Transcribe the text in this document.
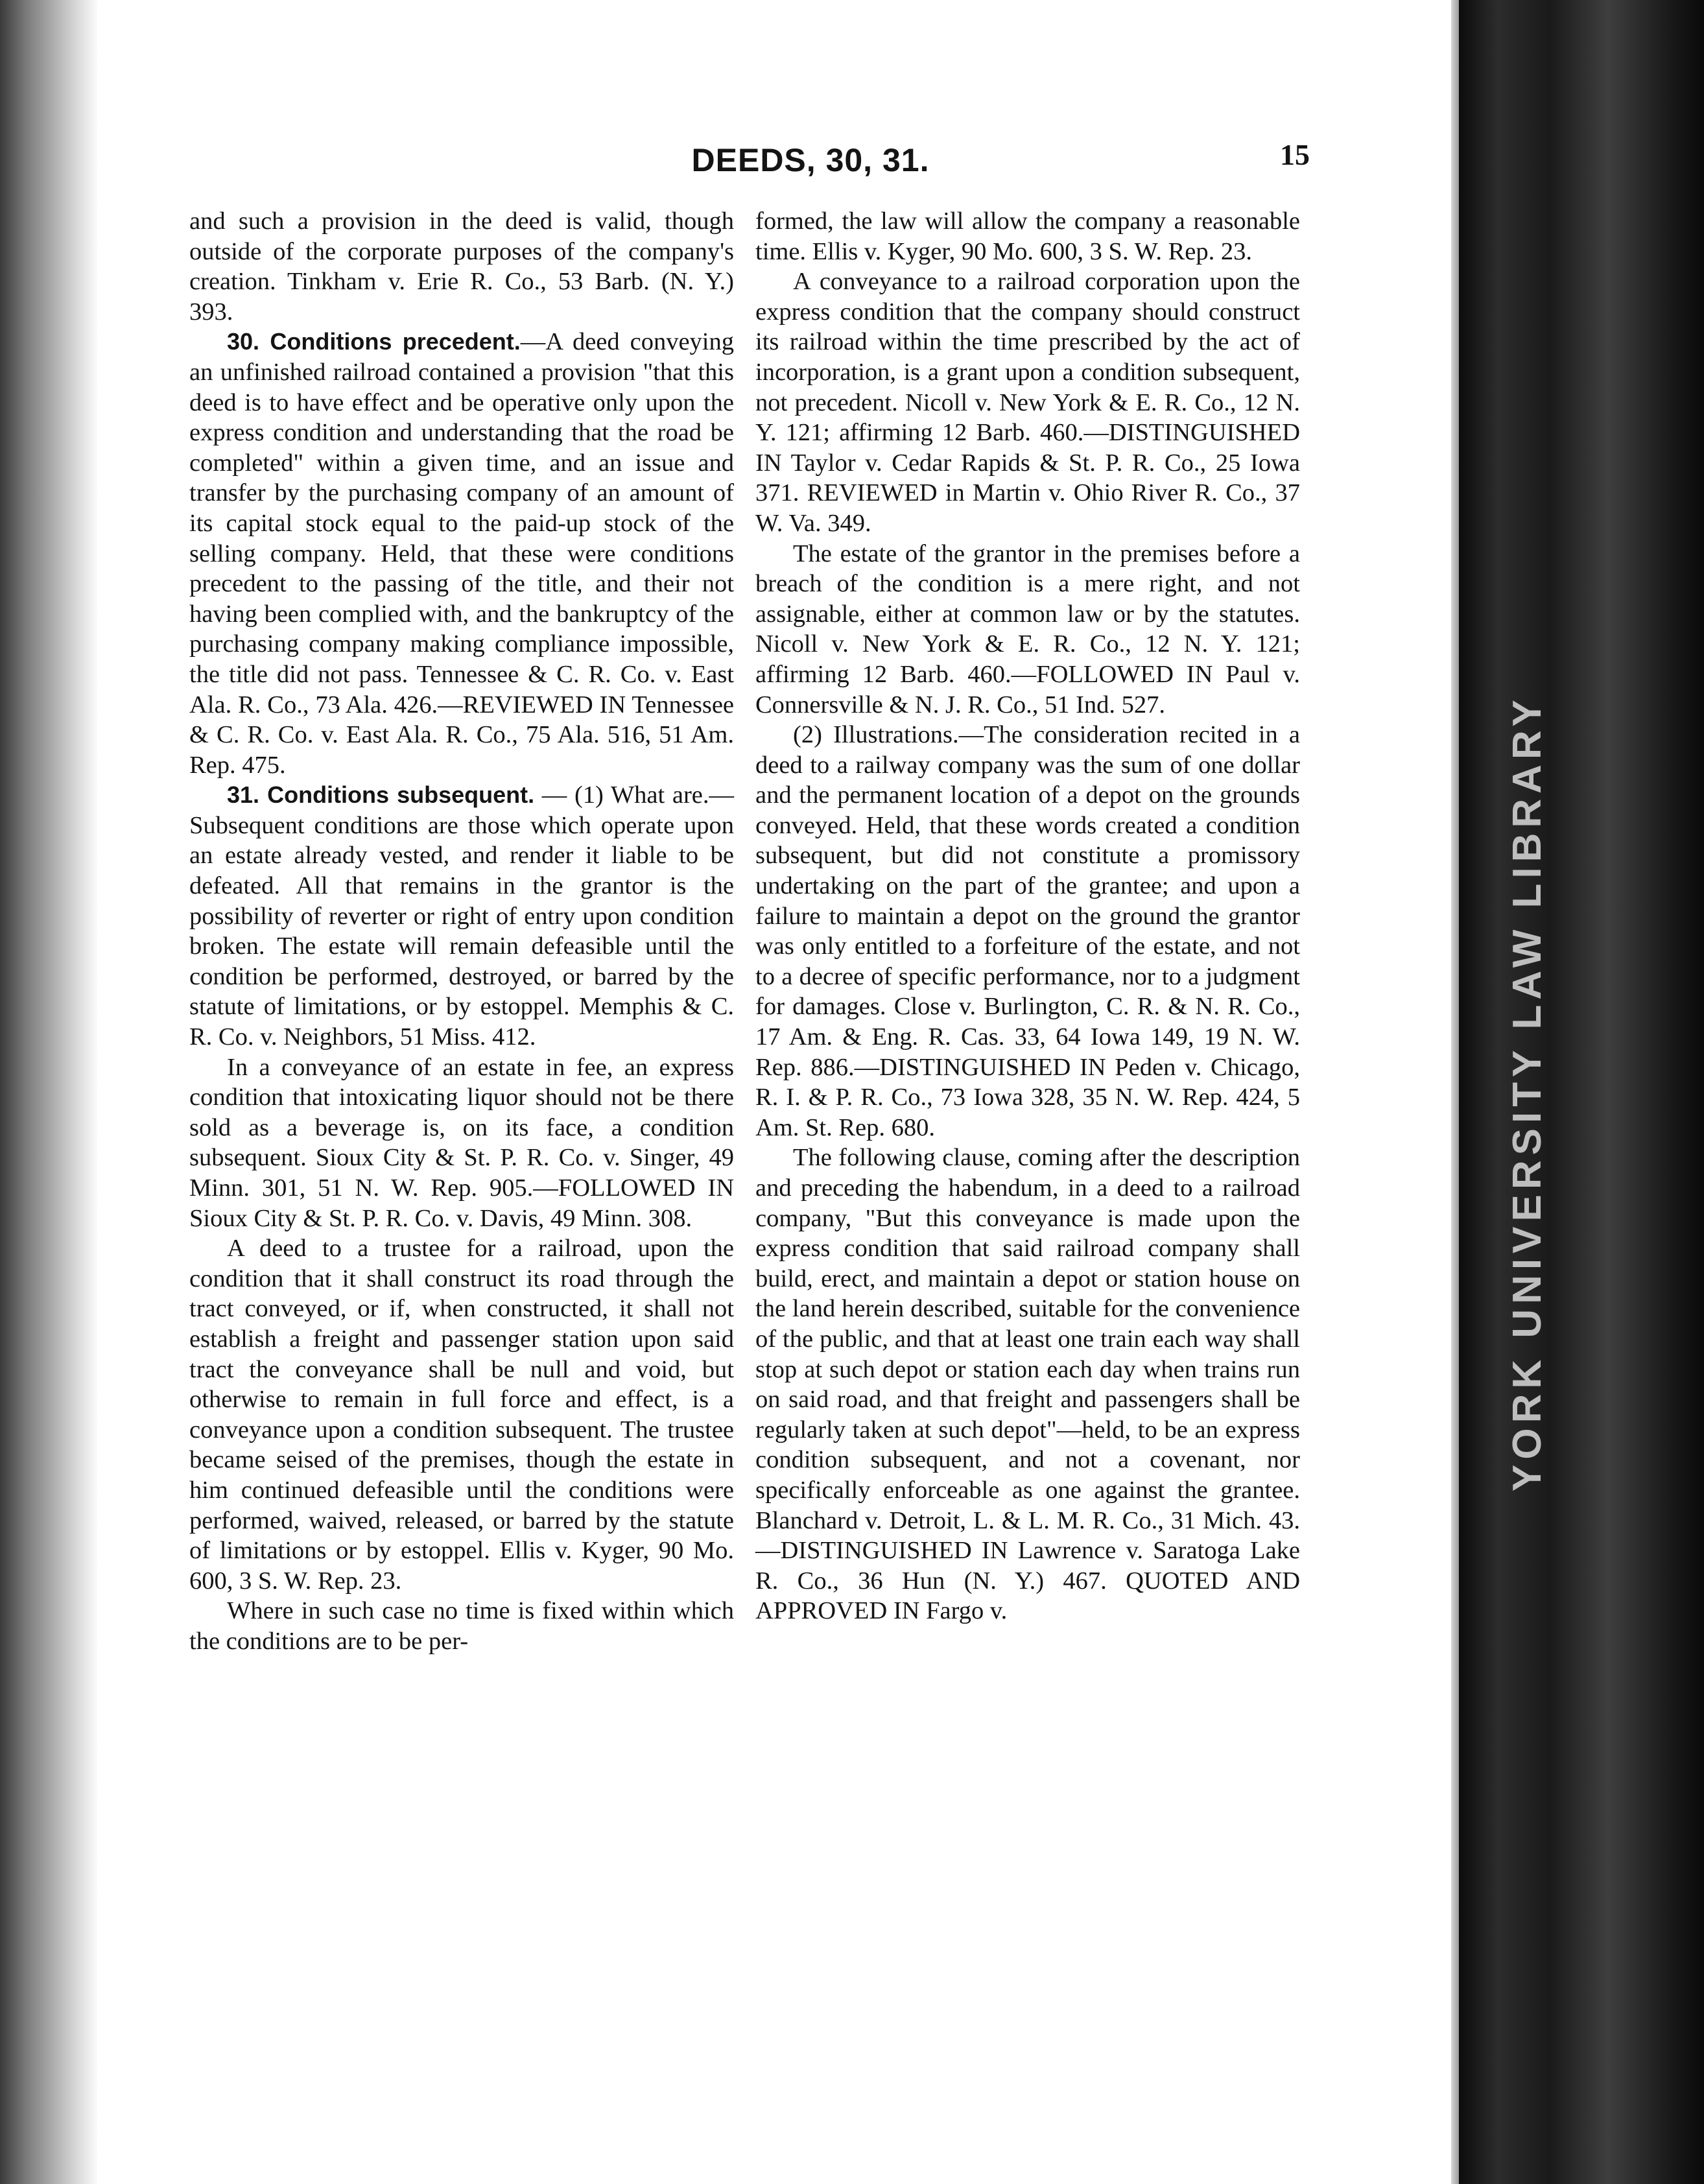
YORK UNIVERSITY LAW LIBRARY
DEEDS, 30, 31.	15

and such a provision in the deed is valid, though outside of the corporate purposes of the company's creation. Tinkham v. Erie R. Co., 53 Barb. (N. Y.) 393.

30. Conditions precedent.—A deed conveying an unfinished railroad contained a provision "that this deed is to have effect and be operative only upon the express condition and understanding that the road be completed" within a given time, and an issue and transfer by the purchasing company of an amount of its capital stock equal to the paid-up stock of the selling company. Held, that these were conditions precedent to the passing of the title, and their not having been complied with, and the bankruptcy of the purchasing company making compliance impossible, the title did not pass. Tennessee & C. R. Co. v. East Ala. R. Co., 73 Ala. 426.—REVIEWED IN Tennessee & C. R. Co. v. East Ala. R. Co., 75 Ala. 516, 51 Am. Rep. 475.

31. Conditions subsequent. — (1) What are.—Subsequent conditions are those which operate upon an estate already vested, and render it liable to be defeated. All that remains in the grantor is the possibility of reverter or right of entry upon condition broken. The estate will remain defeasible until the condition be performed, destroyed, or barred by the statute of limitations, or by estoppel. Memphis & C. R. Co. v. Neighbors, 51 Miss. 412.

In a conveyance of an estate in fee, an express condition that intoxicating liquor should not be there sold as a beverage is, on its face, a condition subsequent. Sioux City & St. P. R. Co. v. Singer, 49 Minn. 301, 51 N. W. Rep. 905.—FOLLOWED IN Sioux City & St. P. R. Co. v. Davis, 49 Minn. 308.

A deed to a trustee for a railroad, upon the condition that it shall construct its road through the tract conveyed, or if, when constructed, it shall not establish a freight and passenger station upon said tract the conveyance shall be null and void, but otherwise to remain in full force and effect, is a conveyance upon a condition subsequent. The trustee became seised of the premises, though the estate in him continued defeasible until the conditions were performed, waived, released, or barred by the statute of limitations or by estoppel. Ellis v. Kyger, 90 Mo. 600, 3 S. W. Rep. 23.

Where in such case no time is fixed within which the conditions are to be per-

formed, the law will allow the company a reasonable time. Ellis v. Kyger, 90 Mo. 600, 3 S. W. Rep. 23.

A conveyance to a railroad corporation upon the express condition that the company should construct its railroad within the time prescribed by the act of incorporation, is a grant upon a condition subsequent, not precedent. Nicoll v. New York & E. R. Co., 12 N. Y. 121; affirming 12 Barb. 460.—DISTINGUISHED IN Taylor v. Cedar Rapids & St. P. R. Co., 25 Iowa 371. REVIEWED in Martin v. Ohio River R. Co., 37 W. Va. 349.

The estate of the grantor in the premises before a breach of the condition is a mere right, and not assignable, either at common law or by the statutes. Nicoll v. New York & E. R. Co., 12 N. Y. 121; affirming 12 Barb. 460.—FOLLOWED IN Paul v. Connersville & N. J. R. Co., 51 Ind. 527.

(2) Illustrations.—The consideration recited in a deed to a railway company was the sum of one dollar and the permanent location of a depot on the grounds conveyed. Held, that these words created a condition subsequent, but did not constitute a promissory undertaking on the part of the grantee; and upon a failure to maintain a depot on the ground the grantor was only entitled to a forfeiture of the estate, and not to a decree of specific performance, nor to a judgment for damages. Close v. Burlington, C. R. & N. R. Co., 17 Am. & Eng. R. Cas. 33, 64 Iowa 149, 19 N. W. Rep. 886.—DISTINGUISHED IN Peden v. Chicago, R. I. & P. R. Co., 73 Iowa 328, 35 N. W. Rep. 424, 5 Am. St. Rep. 680.

The following clause, coming after the description and preceding the habendum, in a deed to a railroad company, "But this conveyance is made upon the express condition that said railroad company shall build, erect, and maintain a depot or station house on the land herein described, suitable for the convenience of the public, and that at least one train each way shall stop at such depot or station each day when trains run on said road, and that freight and passengers shall be regularly taken at such depot"—held, to be an express condition subsequent, and not a covenant, nor specifically enforceable as one against the grantee. Blanchard v. Detroit, L. & L. M. R. Co., 31 Mich. 43.—DISTINGUISHED IN Lawrence v. Saratoga Lake R. Co., 36 Hun (N. Y.) 467. QUOTED AND APPROVED IN Fargo v.
